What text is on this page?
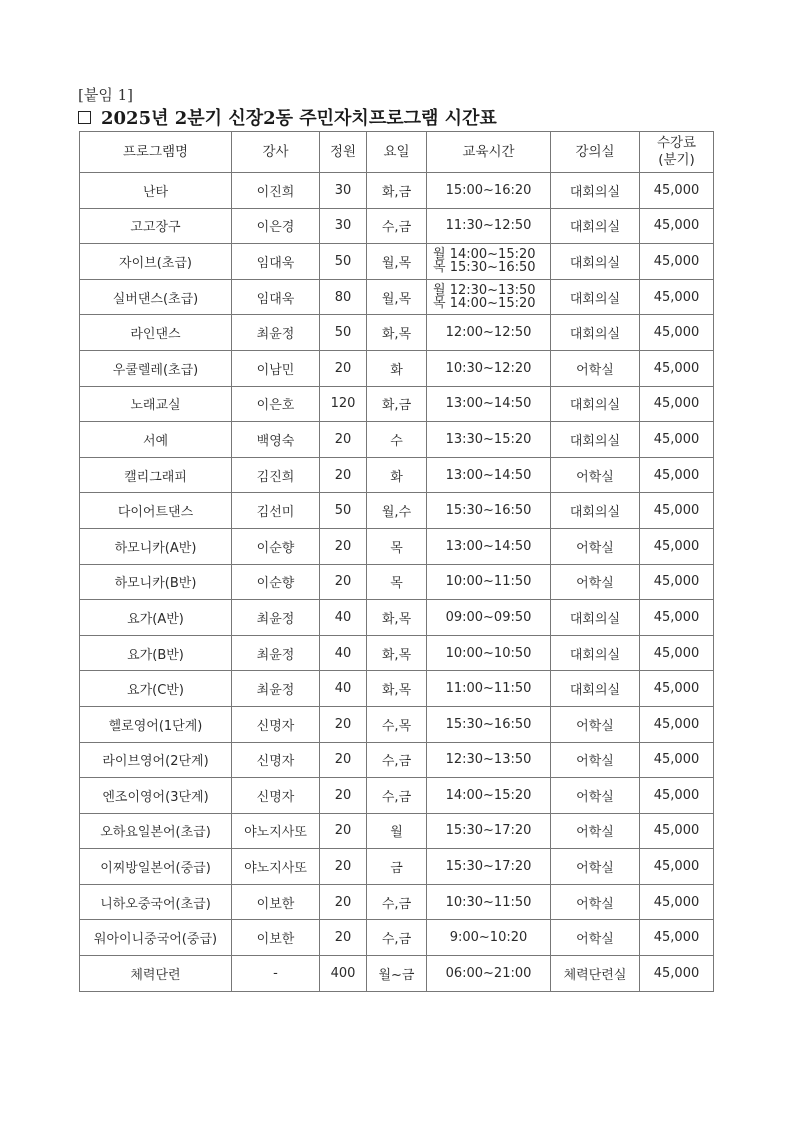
[붙임 1]
2025년 2분기 신장2동 주민자치프로그램 시간표
프로그램명	강사	정원	요일	교육시간	강의실	수강료
(분기)

난타	이진희	30	화,금	15:00~16:20	대회의실	45,000
고고장구	이은경	30	수,금	11:30~12:50	대회의실	45,000
자이브(초급)	임대욱	50	월,목	월 14:00~15:20
목 15:30~16:50	대회의실	45,000
실버댄스(초급)	임대욱	80	월,목	월 12:30~13:50
목 14:00~15:20	대회의실	45,000
라인댄스	최윤정	50	화,목	12:00~12:50	대회의실	45,000
우쿨렐레(초급)	이남민	20	화	10:30~12:20	어학실	45,000
노래교실	이은호	120	화,금	13:00~14:50	대회의실	45,000
서예	백영숙	20	수	13:30~15:20	대회의실	45,000
캘리그래피	김진희	20	화	13:00~14:50	어학실	45,000
다이어트댄스	김선미	50	월,수	15:30~16:50	대회의실	45,000
하모니카(A반)	이순향	20	목	13:00~14:50	어학실	45,000
하모니카(B반)	이순향	20	목	10:00~11:50	어학실	45,000
요가(A반)	최윤정	40	화,목	09:00~09:50	대회의실	45,000
요가(B반)	최윤정	40	화,목	10:00~10:50	대회의실	45,000
요가(C반)	최윤정	40	화,목	11:00~11:50	대회의실	45,000
헬로영어(1단계)	신명자	20	수,목	15:30~16:50	어학실	45,000
라이브영어(2단계)	신명자	20	수,금	12:30~13:50	어학실	45,000
엔조이영어(3단계)	신명자	20	수,금	14:00~15:20	어학실	45,000
오하요일본어(초급)	야노지사또	20	월	15:30~17:20	어학실	45,000
이찌방일본어(중급)	야노지사또	20	금	15:30~17:20	어학실	45,000
니하오중국어(초급)	이보한	20	수,금	10:30~11:50	어학실	45,000
워아이니중국어(중급)	이보한	20	수,금	9:00~10:20	어학실	45,000
체력단련	-	400	월~금	06:00~21:00	체력단련실	45,000
